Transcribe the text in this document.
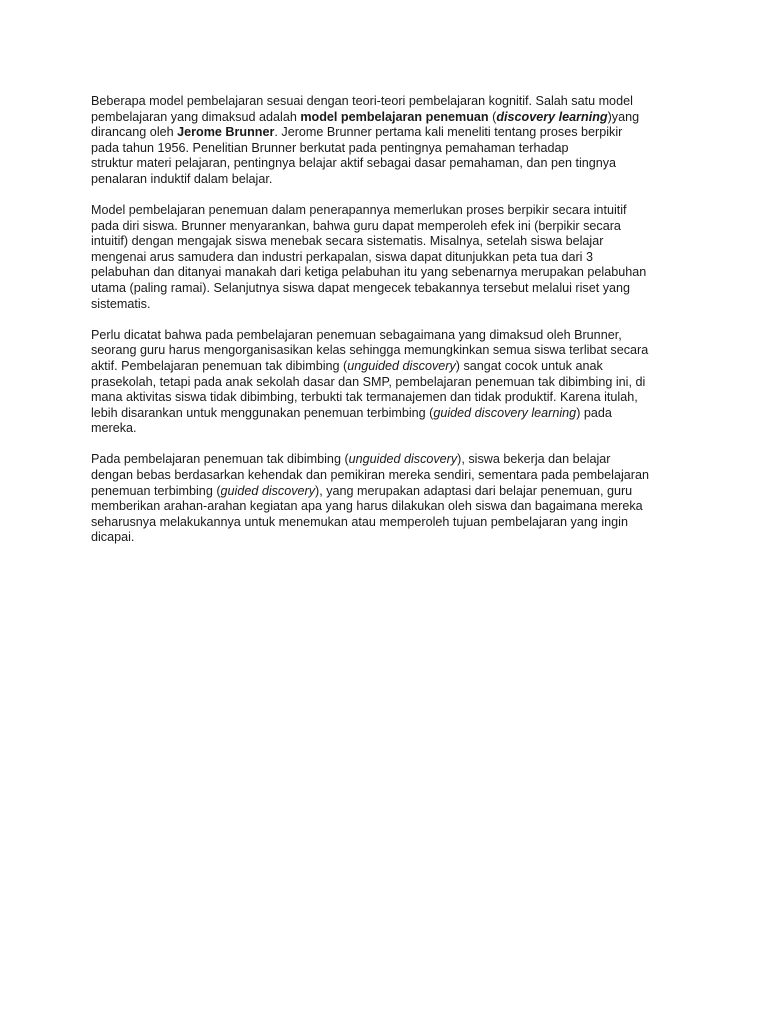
Beberapa model pembelajaran sesuai dengan teori-teori pembelajaran kognitif. Salah satu model
pembelajaran yang dimaksud adalah model pembelajaran penemuan (discovery learning)yang
dirancang oleh Jerome Brunner. Jerome Brunner pertama kali meneliti tentang proses berpikir
pada tahun 1956. Penelitian Brunner berkutat pada pentingnya pemahaman terhadap
struktur materi pelajaran, pentingnya belajar aktif sebagai dasar pemahaman, dan pen tingnya
penalaran induktif dalam belajar.

Model pembelajaran penemuan dalam penerapannya memerlukan proses berpikir secara intuitif
pada diri siswa. Brunner menyarankan, bahwa guru dapat memperoleh efek ini (berpikir secara
intuitif) dengan mengajak siswa menebak secara sistematis. Misalnya, setelah siswa belajar
mengenai arus samudera dan industri perkapalan, siswa dapat ditunjukkan peta tua dari 3
pelabuhan dan ditanyai manakah dari ketiga pelabuhan itu yang sebenarnya merupakan pelabuhan
utama (paling ramai). Selanjutnya siswa dapat mengecek tebakannya tersebut melalui riset yang
sistematis.

Perlu dicatat bahwa pada pembelajaran penemuan sebagaimana yang dimaksud oleh Brunner,
seorang guru harus mengorganisasikan kelas sehingga memungkinkan semua siswa terlibat secara
aktif. Pembelajaran penemuan tak dibimbing (unguided discovery) sangat cocok untuk anak
prasekolah, tetapi pada anak sekolah dasar dan SMP, pembelajaran penemuan tak dibimbing ini, di
mana aktivitas siswa tidak dibimbing, terbukti tak termanajemen dan tidak produktif. Karena itulah,
lebih disarankan untuk menggunakan penemuan terbimbing (guided discovery learning) pada
mereka.

Pada pembelajaran penemuan tak dibimbing (unguided discovery), siswa bekerja dan belajar
dengan bebas berdasarkan kehendak dan pemikiran mereka sendiri, sementara pada pembelajaran
penemuan terbimbing (guided discovery), yang merupakan adaptasi dari belajar penemuan, guru
memberikan arahan-arahan kegiatan apa yang harus dilakukan oleh siswa dan bagaimana mereka
seharusnya melakukannya untuk menemukan atau memperoleh tujuan pembelajaran yang ingin
dicapai.
